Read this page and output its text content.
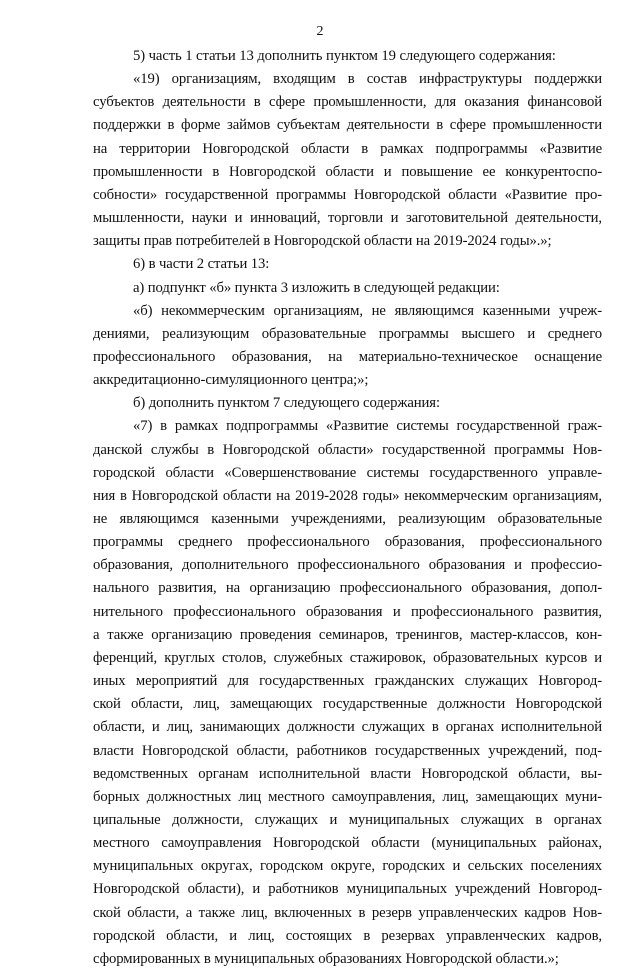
2
5) часть 1 статьи 13 дополнить пунктом 19 следующего содержания:
«19) организациям, входящим в состав инфраструктуры поддержки
субъектов деятельности в сфере промышленности, для оказания финансовой
поддержки в форме займов субъектам деятельности в сфере промышленности
на территории Новгородской области в рамках подпрограммы «Развитие
промышленности в Новгородской области и повышение ее конкурентоспо-
собности» государственной программы Новгородской области «Развитие про-
мышленности, науки и инноваций, торговли и заготовительной деятельности,
защиты прав потребителей в Новгородской области на 2019-2024 годы».»;
6) в части 2 статьи 13:
а) подпункт «б» пункта 3 изложить в следующей редакции:
«б) некоммерческим организациям, не являющимся казенными учреж-
дениями, реализующим образовательные программы высшего и среднего
профессионального образования, на материально-техническое оснащение
аккредитационно-симуляционного центра;»;
б) дополнить пунктом 7 следующего содержания:
«7) в рамках подпрограммы «Развитие системы государственной граж-
данской службы в Новгородской области» государственной программы Нов-
городской области «Совершенствование системы государственного управле-
ния в Новгородской области на 2019-2028 годы» некоммерческим организациям,
не являющимся казенными учреждениями, реализующим образовательные
программы среднего профессионального образования, профессионального
образования, дополнительного профессионального образования и профессио-
нального развития, на организацию профессионального образования, допол-
нительного профессионального образования и профессионального развития,
а также организацию проведения семинаров, тренингов, мастер-классов, кон-
ференций, круглых столов, служебных стажировок, образовательных курсов и
иных мероприятий для государственных гражданских служащих Новгород-
ской области, лиц, замещающих государственные должности Новгородской
области, и лиц, занимающих должности служащих в органах исполнительной
власти Новгородской области, работников государственных учреждений, под-
ведомственных органам исполнительной власти Новгородской области, вы-
борных должностных лиц местного самоуправления, лиц, замещающих муни-
ципальные должности, служащих и муниципальных служащих в органах
местного самоуправления Новгородской области (муниципальных районах,
муниципальных округах, городском округе, городских и сельских поселениях
Новгородской области), и работников муниципальных учреждений Новгород-
ской области, а также лиц, включенных в резерв управленческих кадров Нов-
городской области, и лиц, состоящих в резервах управленческих кадров,
сформированных в муниципальных образованиях Новгородской области.»;
